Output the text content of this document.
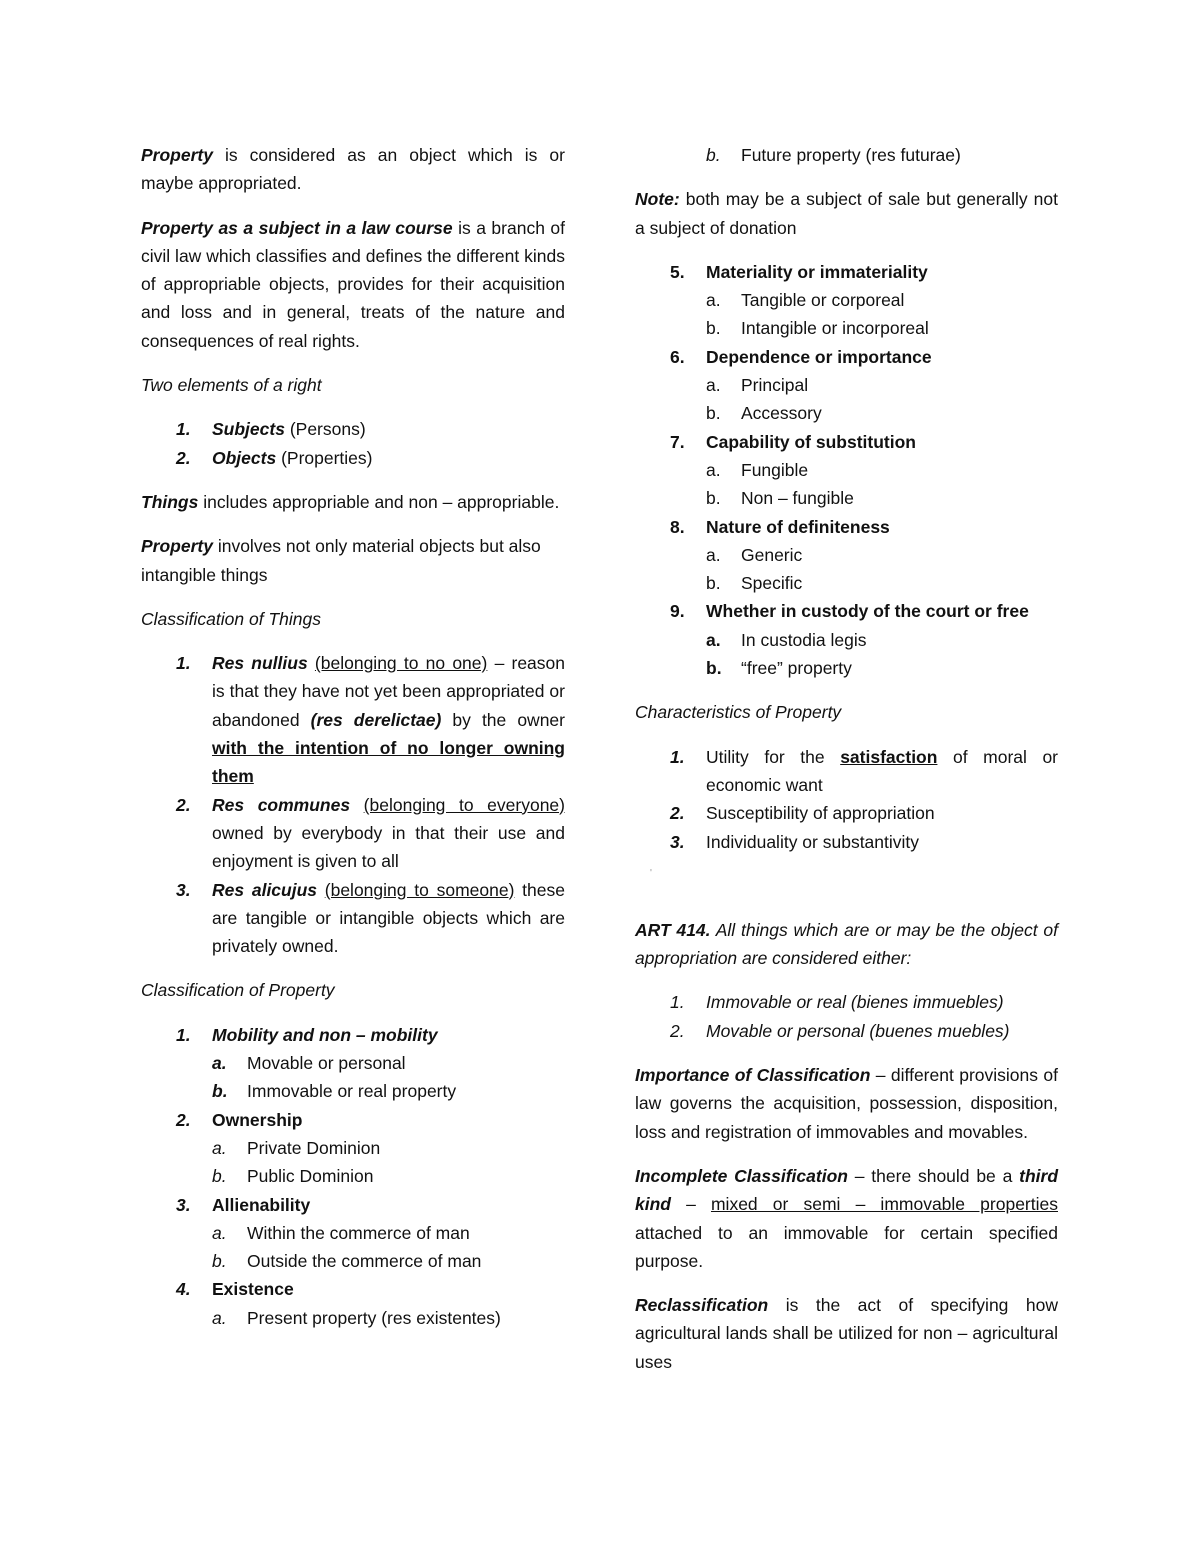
Property is considered as an object which is or maybe appropriated.

Property as a subject in a law course is a branch of civil law which classifies and defines the different kinds of appropriable objects, provides for their acquisition and loss and in general, treats of the nature and consequences of real rights.

Two elements of a right

1. Subjects (Persons)
2. Objects (Properties)

Things includes appropriable and non – appropriable.

Property involves not only material objects but also intangible things

Classification of Things

1. Res nullius (belonging to no one) – reason is that they have not yet been appropriated or abandoned (res derelictae) by the owner with the intention of no longer owning them
2. Res communes (belonging to everyone) owned by everybody in that their use and enjoyment is given to all
3. Res alicujus (belonging to someone) these are tangible or intangible objects which are privately owned.

Classification of Property

1. Mobility and non – mobility
a. Movable or personal
b. Immovable or real property
2. Ownership
a. Private Dominion
b. Public Dominion
3. Allienability
a. Within the commerce of man
b. Outside the commerce of man
4. Existence
a. Present property (res existentes)
b. Future property (res futurae)

Note: both may be a subject of sale but generally not a subject of donation

5. Materiality or immateriality
a. Tangible or corporeal
b. Intangible or incorporeal
6. Dependence or importance
a. Principal
b. Accessory
7. Capability of substitution
a. Fungible
b. Non – fungible
8. Nature of definiteness
a. Generic
b. Specific
9. Whether in custody of the court or free
a. In custodia legis
b. “free” property

Characteristics of Property

1. Utility for the satisfaction of moral or economic want
2. Susceptibility of appropriation
3. Individuality or substantivity
'

ART 414. All things which are or may be the object of appropriation are considered either:

1. Immovable or real (bienes immuebles)
2. Movable or personal (buenes muebles)

Importance of Classification – different provisions of law governs the acquisition, possession, disposition, loss and registration of immovables and movables.

Incomplete Classification – there should be a third kind – mixed or semi – immovable properties attached to an immovable for certain specified purpose.

Reclassification is the act of specifying how agricultural lands shall be utilized for non – agricultural uses
